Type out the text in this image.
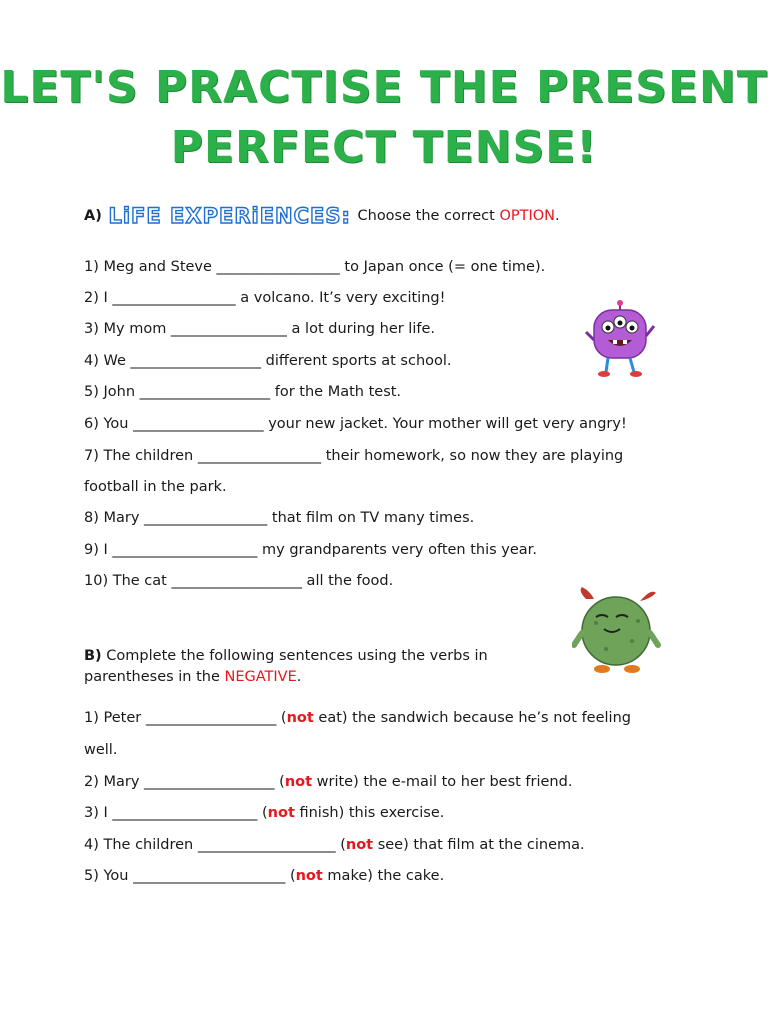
LET'S PRACTISE THE PRESENT
PERFECT TENSE!
A) LiFE EXPERiENCES: Choose the correct OPTION.
1) Meg and Steve _________________ to Japan once (= one time).
2) I _________________ a volcano. It’s very exciting!
3) My mom ________________ a lot during her life.
4) We __________________ different sports at school.
5) John __________________ for the Math test.
6) You __________________ your new jacket. Your mother will get very angry!
7) The children _________________ their homework, so now they are playing
football in the park.
8) Mary _________________ that film on TV many times.
9) I ____________________ my grandparents very often this year.
10) The cat __________________ all the food.
B) Complete the following sentences using the verbs in
parentheses in the NEGATIVE.
1) Peter __________________ (not eat) the sandwich because he’s not feeling
well.
2) Mary __________________ (not write) the e-mail to her best friend.
3) I ____________________ (not finish) this exercise.
4) The children ___________________ (not see) that film at the cinema.
5) You _____________________ (not make) the cake.
